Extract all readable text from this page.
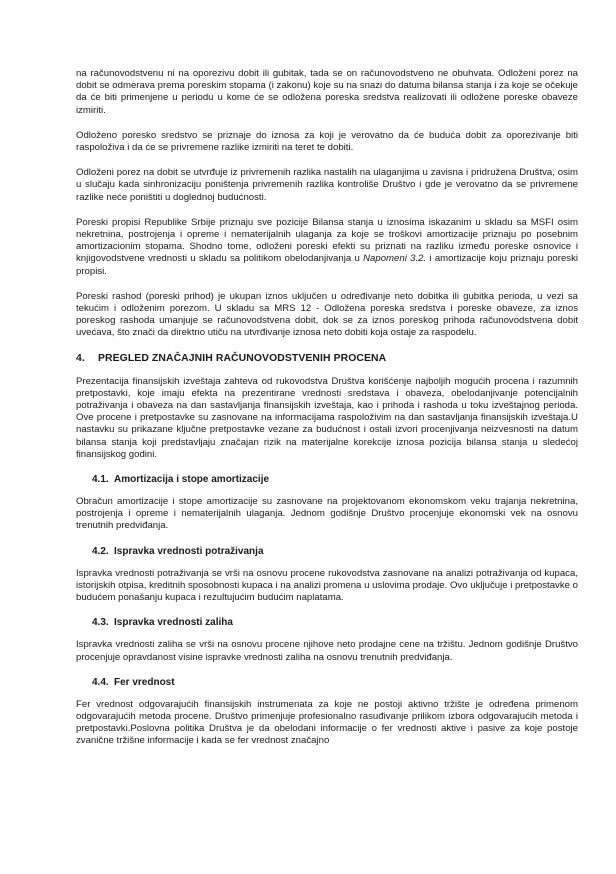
na računovodstvenu ni na oporezivu dobit ili gubitak, tada se on računovodstveno ne obuhvata. Odloženi porez na dobit se odmerava prema poreskim stopama (i zakonu) koje su na snazi do datuma bilansa stanja i za koje se očekuje da će biti primenjene u periodu u kome će se odložena poreska sredstva realizovati ili odložene poreske obaveze izmiriti.

Odloženo poresko sredstvo se priznaje do iznosa za koji je verovatno da će buduća dobit za oporezivanje biti raspoloživa i da će se privremene razlike izmiriti na teret te dobiti.

Odloženi porez na dobit se utvrđuje iz privremenih razlika nastalih na ulaganjima u zavisna i pridružena Društva, osim u slučaju kada sinhronizaciju poništenja privremenih razlika kontroliše Društvo i gde je verovatno da se privremene razlike neće poništiti u doglednoj budućnosti.

Poreski propisi Republike Srbije priznaju sve pozicije Bilansa stanja u iznosima iskazanim u skladu sa MSFI osim nekretnina, postrojenja i opreme i nematerijalnih ulaganja za koje se troškovi amortizacije priznaju po posebnim amortizacionim stopama. Shodno tome, odloženi poreski efekti su priznati na razliku između poreske osnovice i knjigovodstvene vrednosti u skladu sa politikom obelodanjivanja u Napomeni 3.2. i amortizacije koju priznaju poreski propisi.

Poreski rashod (poreski prihod) je ukupan iznos uključen u određivanje neto dobitka ili gubitka perioda, u vezi sa tekućim i odloženim porezom. U skladu sa MRS 12 - Odložena poreska sredstva i poreske obaveze, za iznos poreskog rashoda umanjuje se računovodstvena dobit, dok se za iznos poreskog prihoda računovodstvena dobit uvećava, što znači da direktno utiču na utvrđivanje iznosa neto dobiti koja ostaje za raspodelu.

4. PREGLED ZNAČAJNIH RAČUNOVODSTVENIH PROCENA

Prezentacija finansijskih izveštaja zahteva od rukovodstva Društva korišćenje najboljih mogućih procena i razumnih pretpostavki, koje imaju efekta na prezentirane vrednosti sredstava i obaveza, obelodanjivanje potencijalnih potraživanja i obaveza na dan sastavljanja finansijskih izveštaja, kao i prihoda i rashoda u toku izveštajnog perioda. Ove procene i pretpostavke su zasnovane na informacijama raspoloživim na dan sastavljanja finansijskih izveštaja.U nastavku su prikazane ključne pretpostavke vezane za budućnost i ostali izvori procenjivanja neizvesnosti na datum bilansa stanja koji predstavljaju značajan rizik na materijalne korekcije iznosa pozicija bilansa stanja u sledećoj finansijskog godini.

4.1. Amortizacija i stope amortizacije

Obračun amortizacije i stope amortizacije su zasnovane na projektovanom ekonomskom veku trajanja nekretnina, postrojenja i opreme i nematerijalnih ulaganja. Jednom godišnje Društvo procenjuje ekonomski vek na osnovu trenutnih predviđanja.

4.2. Ispravka vrednosti potraživanja

Ispravka vrednosti potraživanja se vrši na osnovu procene rukovodstva zasnovane na analizi potraživanja od kupaca, istorijskih otpisa, kreditnih sposobnosti kupaca i na analizi promena u uslovima prodaje. Ovo uključuje i pretpostavke o budućem ponašanju kupaca i rezultujućim budućim naplatama.

4.3. Ispravka vrednosti zaliha

Ispravka vrednosti zaliha se vrši na osnovu procene njihove neto prodajne cene na tržištu. Jednom godišnje Društvo procenjuje opravdanost visine ispravke vrednosti zaliha na osnovu trenutnih predviđanja.

4.4. Fer vrednost

Fer vrednost odgovarajućih finansijskih instrumenata za koje ne postoji aktivno tržište je određena primenom odgovarajućih metoda procene. Društvo primenjuje profesionalno rasuđivanje prilikom izbora odgovarajućih metoda i pretpostavki.Poslovna politika Društva je da obelodani informacije o fer vrednosti aktive i pasive za koje postoje zvanične tržišne informacije i kada se fer vrednost značajno
